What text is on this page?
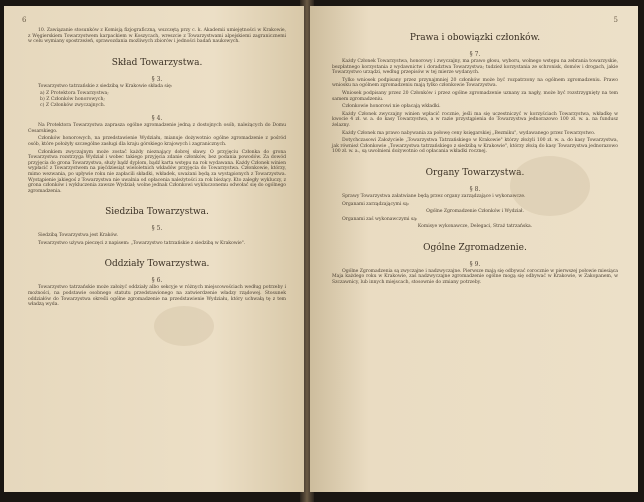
6

10. Zawiązanie stosunków z Komisją fizjograficzną, wszczętą przy c. k. Akademii umiejętności w Krakowie, z Węgierskiem Towarzystwem karpackiem w Koszycach, wreszcie z Towarzystwami alpejskiemi zagranicznemi w celu wymiany spostrzeżeń, sprawozdania możliwych zbiorów i jedności badań naukowych.

Skład Towarzystwa.

§ 3.

Towarzystwo tatrzańskie z siedzibą w Krakowie składa się:

a) Z Protektora Towarzystwa;

b) Z Członków honorowych;

c) Z Członków zwyczajnych.

§ 4.

Na Protektora Towarzystwa zaprasza ogólne zgromadzenie jedną z dostojnych osób, należących do Domu Cesarskiego.

Członków honorowych, na przedstawienie Wydziału, mianuje dożywotnio ogólne zgromadzenie z pośród osób, które położyły szczególne zasługi dla kraju górskiego krajowych i zagranicznych.

Członkiem zwyczajnym może zostać każdy nieznający dobrej sławy. O przyjęciu Członka do grona Towarzystwa rozstrzyga Wydział i wobec takiego przyjęcia zdanie członków, bez podania powodów. Za dowód przyjęcia do grona Towarzystwa, służy bądź dyplom, bądź karta wstępu na rok wydawana. Każdy Członek winien wypłacić z Towarzystwem na pięćdziesiąt wieloletnich wkładów przyjęcia do Towarzystwa. Członkowie, którzy, mimo wezwania, po upływie roku nie zapłacili składki, wkładek, uważani będą za wystąpionych z Towarzystwa. Wystąpienie jakiegoś z Towarzystwa nie uwalnia od opłacenia należytości za rok bieżący. Kto zaległy wykluczy, z grona członków i wykluczenia zawsze Wydział; wolne jednak Członkowi wykluczonemu odwołać się do ogólnego zgromadzenia.

Siedziba Towarzystwa.

§ 5.

Siedzibą Towarzystwa jest Kraków.

Towarzystwo używa pieczęci z napisem: „Towarzystwo tatrzańskie z siedzibą w Krakowie".

Oddziały Towarzystwa.

§ 6.

Towarzystwo tatrzańskie może założyć oddziały albo sekcyje w różnych miejscowościach według potrzeby i możności, na podstawie osobnego statutu przedstawionego na zatwierdzenie władzy rządowej. Stosunek oddziałów do Towarzystwa określi ogólne zgromadzenie na przedstawienie Wydziału, który uchwałą tę z tem władzą wyda.

5

Prawa i obowiązki członków.

§ 7.

Każdy Członek Towarzystwa, honorowy i zwyczajny, ma prawo głosu, wyboru, wolnego wstępu na zebrania towarzyskie, bezpłatnego korzystania z wydawnictw i doradztwa Towarzystwa; tudzież korzystania ze schronisk, domów i drogach, jakie Towarzystwo urządzi, według przepisów w tej mierze wydanych.

Tylko wniosek podpisany przez przynajmniej 20 członków może być rozpatrzony na ogólnem zgromadzeniu. Prawo wniosku na ogólnem zgromadzeniu mają tylko członkowie Towarzystwa.

Wniosek podpisany przez 20 Członków i przez ogólne zgromadzenie uznany za nagły, może być rozstrzygnięty na tem samem zgromadzeniu.

Członkowie honorowi nie opłacają wkładki.

Każdy Członek zwyczajny winien wpłacić rocznie, jeśli ma się uczestniczyć w korzyściach Towarzystwa, wkładkę w kwocie 4 zł. w. a. do kasy Towarzystwa, a w razie przystąpienia do Towarzystwa jednorazowo 100 zł. w. a. na fundusz żelazny.

Każdy Członek ma prawo nabywania za połowę ceny księgarskiej „Bezmiku", wydawanego przez Towarzystwo.

Dotychczasowi Założyciele „Towarzystwa Tatrzańskiego w Krakowie" którzy złożyli 100 zł. w. a. do kasy Towarzystwa, jak również Członkowie „Towarzystwa tatrzańskiego z siedzibą w Krakowie", którzy złożą do kasy Towarzystwa jednorazowo 100 zł. w. a., są uwolnieni dożywotnio od opłacania wkładki rocznej.

Organy Towarzystwa.

§ 8.

Sprawy Towarzystwa załatwiane będą przez organy zarządzające i wykonawcze.

Organami zarządzającymi są:

Ogólne Zgromadzenie Członków i Wydział.

Organami zaś wykonawczymi są:

Komisye wykonawcze, Delegaci, Straż tatrzańska.

Ogólne Zgromadzenie.

§ 9.

Ogólne Zgromadzenia są zwyczajne i nadzwyczajne. Pierwsze mają się odbywać corocznie w pierwszej połowie miesiąca Maja każdego roku w Krakowie, zaś nadzwyczajne zgromadzenie ogólne mogą się odbywać w Krakowie, w Zakopanem, w Szczawnicy, lub innych miejscach, stosownie do zmiany potrzeby.
